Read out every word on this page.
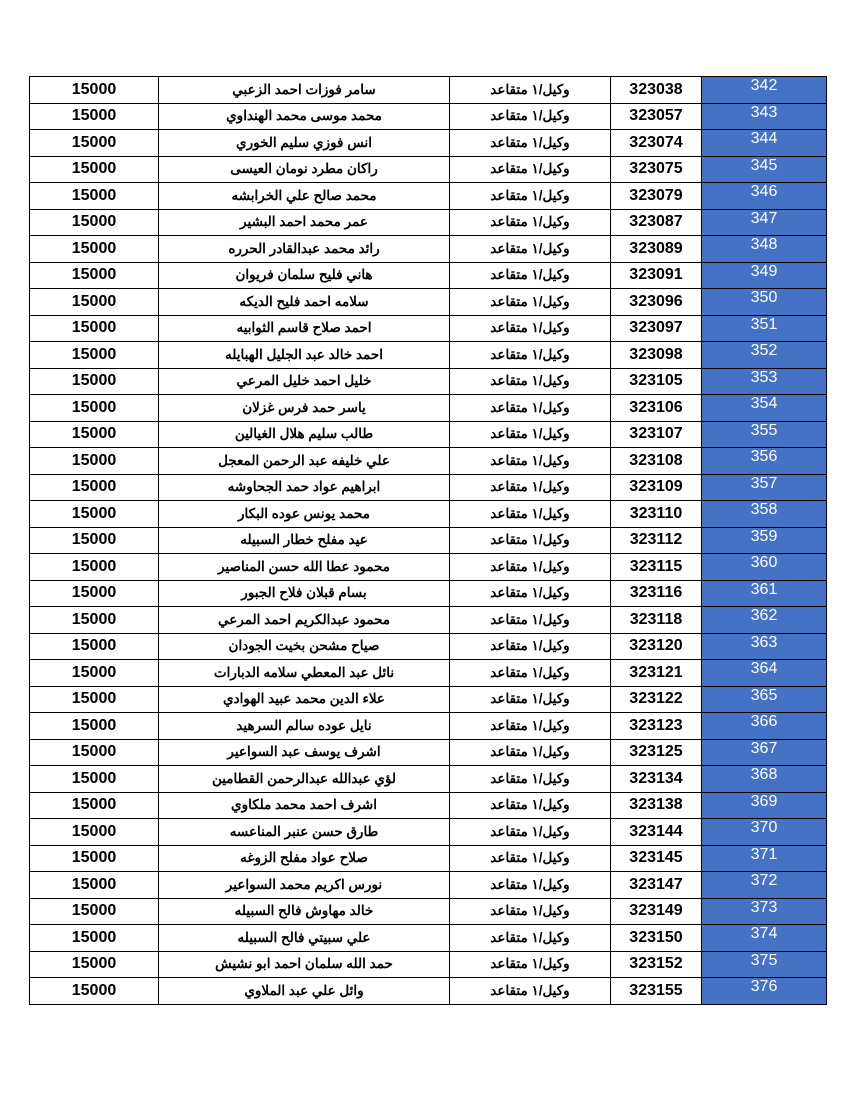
15000	سامر فوزات احمد الزعبي	وكيل/١ متقاعد	323038	342
15000	محمد موسى محمد الهنداوي	وكيل/١ متقاعد	323057	343
15000	انس فوزي سليم الخوري	وكيل/١ متقاعد	323074	344
15000	راكان مطرد نومان العيسى	وكيل/١ متقاعد	323075	345
15000	محمد صالح علي الخرابشه	وكيل/١ متقاعد	323079	346
15000	عمر محمد احمد البشير	وكيل/١ متقاعد	323087	347
15000	رائد محمد عبدالقادر الحرره	وكيل/١ متقاعد	323089	348
15000	هاني فليح سلمان فريوان	وكيل/١ متقاعد	323091	349
15000	سلامه احمد فليح الديكه	وكيل/١ متقاعد	323096	350
15000	احمد صلاح قاسم الثوابيه	وكيل/١ متقاعد	323097	351
15000	احمد خالد عبد الجليل الهبايله	وكيل/١ متقاعد	323098	352
15000	خليل احمد خليل المرعي	وكيل/١ متقاعد	323105	353
15000	ياسر حمد فرس غزلان	وكيل/١ متقاعد	323106	354
15000	طالب سليم هلال الغيالين	وكيل/١ متقاعد	323107	355
15000	علي خليفه عبد الرحمن المعجل	وكيل/١ متقاعد	323108	356
15000	ابراهيم عواد حمد الجحاوشه	وكيل/١ متقاعد	323109	357
15000	محمد يونس عوده البكار	وكيل/١ متقاعد	323110	358
15000	عيد مفلح خطار السبيله	وكيل/١ متقاعد	323112	359
15000	محمود عطا الله حسن المناصير	وكيل/١ متقاعد	323115	360
15000	بسام قبلان فلاح الجبور	وكيل/١ متقاعد	323116	361
15000	محمود عبدالكريم احمد المرعي	وكيل/١ متقاعد	323118	362
15000	صياح مشحن بخيت الجودان	وكيل/١ متقاعد	323120	363
15000	نائل عبد المعطي سلامه الدبارات	وكيل/١ متقاعد	323121	364
15000	علاء الدين محمد عبيد الهوادي	وكيل/١ متقاعد	323122	365
15000	نايل عوده سالم السرهيد	وكيل/١ متقاعد	323123	366
15000	اشرف يوسف عبد السواعير	وكيل/١ متقاعد	323125	367
15000	لؤي عبدالله عبدالرحمن القطامين	وكيل/١ متقاعد	323134	368
15000	اشرف احمد محمد ملكاوي	وكيل/١ متقاعد	323138	369
15000	طارق حسن عنبر المناعسه	وكيل/١ متقاعد	323144	370
15000	صلاح عواد مفلح الزوغه	وكيل/١ متقاعد	323145	371
15000	نورس اكريم محمد السواعير	وكيل/١ متقاعد	323147	372
15000	خالد مهاوش فالح السبيله	وكيل/١ متقاعد	323149	373
15000	علي سبيتي فالح السبيله	وكيل/١ متقاعد	323150	374
15000	حمد الله سلمان احمد ابو نشيش	وكيل/١ متقاعد	323152	375
15000	وائل علي عبد الملاوي	وكيل/١ متقاعد	323155	376
